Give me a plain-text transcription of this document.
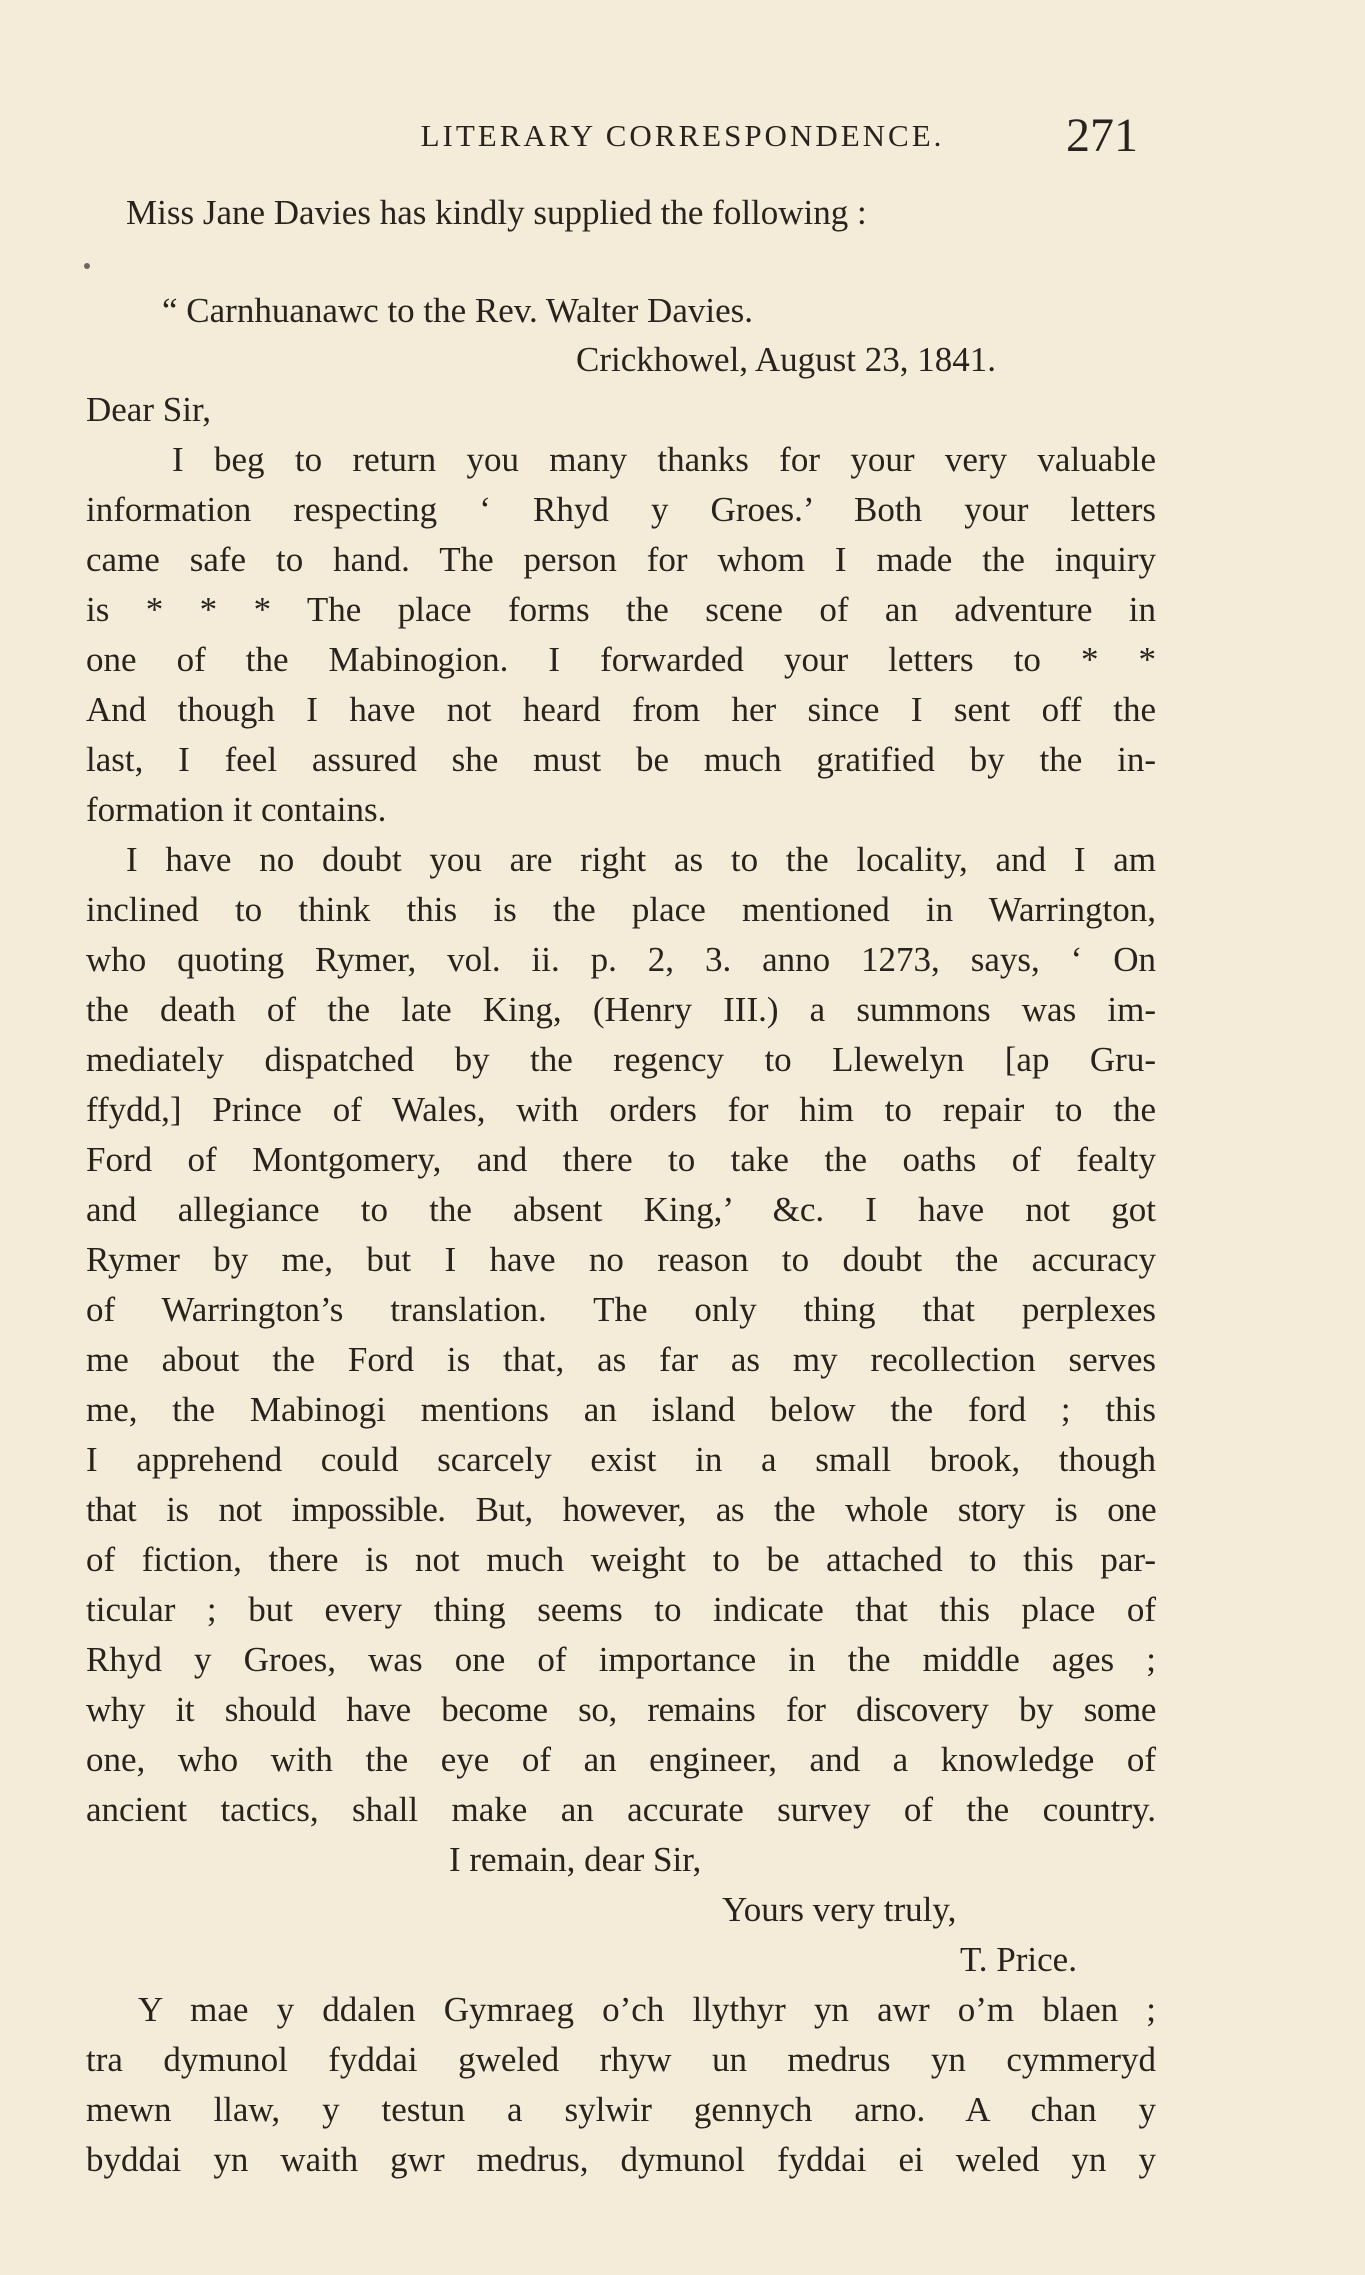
LITERARY CORRESPONDENCE.	271
Miss Jane Davies has kindly supplied the following :
“ Carnhuanawc to the Rev. Walter Davies.
Crickhowel, August 23, 1841.
Dear Sir,
I beg to return you many thanks for your very valuable
information respecting ‘ Rhyd y Groes.’ Both your letters
came safe to hand. The person for whom I made the inquiry
is * * * The place forms the scene of an adventure in
one of the Mabinogion. I forwarded your letters to * *
And though I have not heard from her since I sent off the
last, I feel assured she must be much gratified by the in-
formation it contains.
I have no doubt you are right as to the locality, and I am
inclined to think this is the place mentioned in Warrington,
who quoting Rymer, vol. ii. p. 2, 3. anno 1273, says, ‘ On
the death of the late King, (Henry III.) a summons was im-
mediately dispatched by the regency to Llewelyn [ap Gru-
ffydd,] Prince of Wales, with orders for him to repair to the
Ford of Montgomery, and there to take the oaths of fealty
and allegiance to the absent King,’ &c. I have not got
Rymer by me, but I have no reason to doubt the accuracy
of Warrington’s translation. The only thing that perplexes
me about the Ford is that, as far as my recollection serves
me, the Mabinogi mentions an island below the ford ; this
I apprehend could scarcely exist in a small brook, though
that is not impossible. But, however, as the whole story is one
of fiction, there is not much weight to be attached to this par-
ticular ; but every thing seems to indicate that this place of
Rhyd y Groes, was one of importance in the middle ages ;
why it should have become so, remains for discovery by some
one, who with the eye of an engineer, and a knowledge of
ancient tactics, shall make an accurate survey of the country.
I remain, dear Sir,
Yours very truly,
T. Price.
Y mae y ddalen Gymraeg o’ch llythyr yn awr o’m blaen ;
tra dymunol fyddai gweled rhyw un medrus yn cymmeryd
mewn llaw, y testun a sylwir gennych arno. A chan y
byddai yn waith gwr medrus, dymunol fyddai ei weled yn y
